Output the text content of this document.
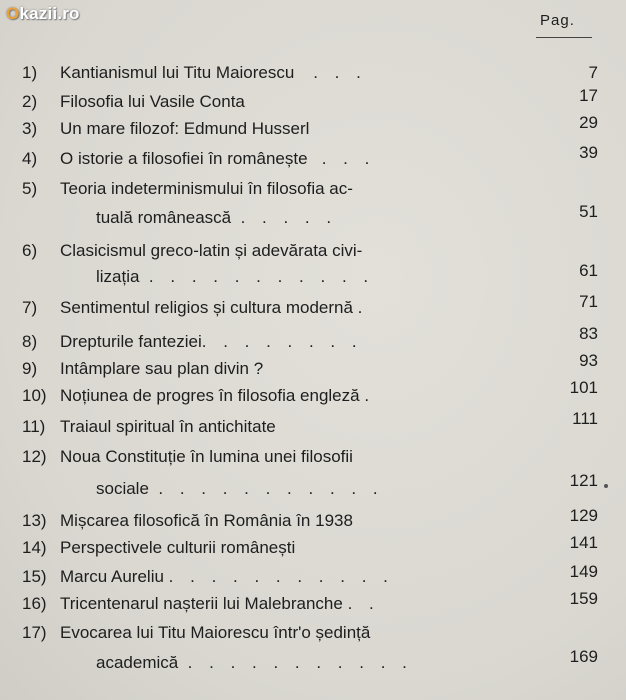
Okazii.ro	Pag.
1) Kantianismul lui Titu Maiorescu . . .	7
2) Filosofia lui Vasile Conta	17
3) Un mare filozof: Edmund Husserl	29
4) O istorie a filosofiei în românește . . .	39
5) Teoria indeterminismului în filosofia ac-
tuală românească . . . . .	51
6) Clasicismul greco-latin și adevărata civi-
lizația . . . . . . . . . . .	61
7) Sentimentul religios și cultura modernă .	71
8) Drepturile fanteziei. . . . . . . .	83
9) Intâmplare sau plan divin ?	93
10) Noțiunea de progres în filosofia engleză .	101
11) Traiaul spiritual în antichitate	111
12) Noua Constituție în lumina unei filosofii
sociale . . . . . . . . . . .	121
13) Mișcarea filosofică în România în 1938	129
14) Perspectivele culturii românești	141
15) Marcu Aureliu . . . . . . . . . . .	149
16) Tricentenarul nașterii lui Malebranche . .	159
17) Evocarea lui Titu Maiorescu într'o ședință
academică . . . . . . . . . . .	169
